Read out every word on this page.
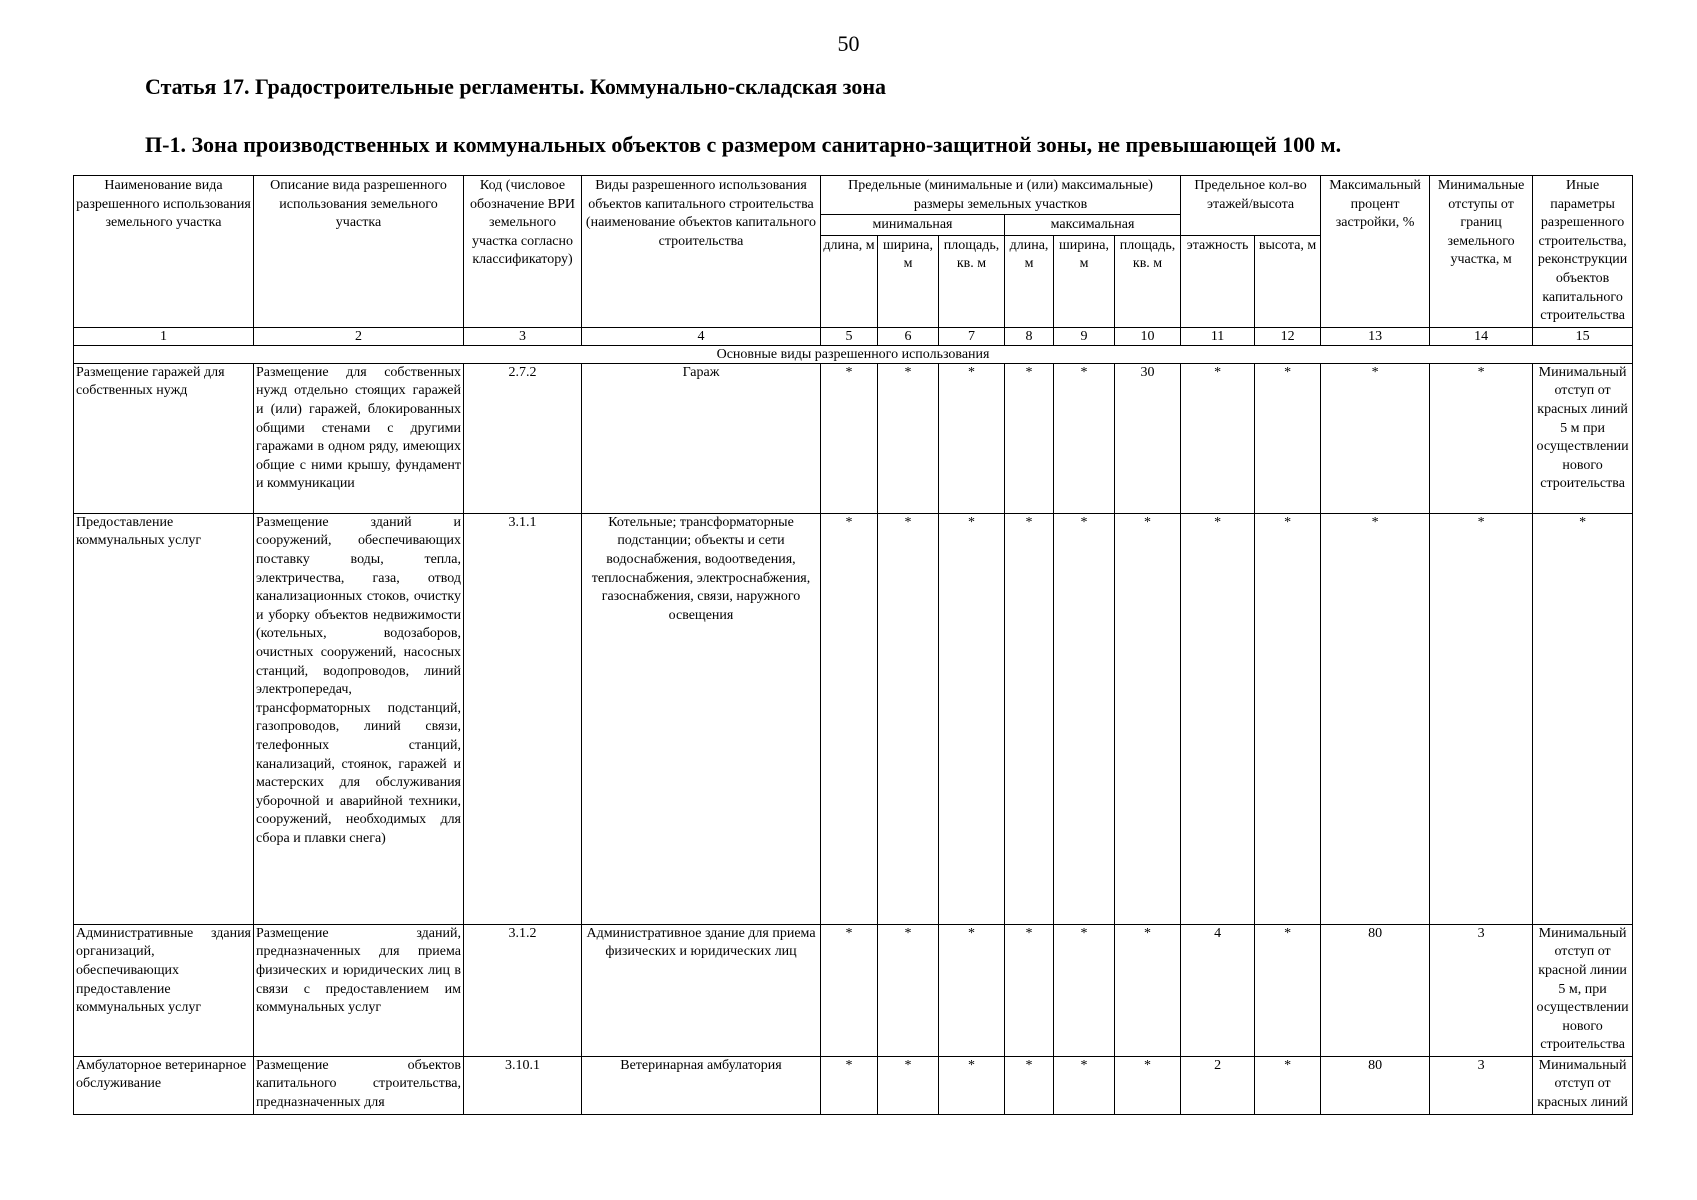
50
Статья 17. Градостроительные регламенты. Коммунально-складская зона
П-1. Зона производственных и коммунальных объектов с размером санитарно-защитной зоны, не превышающей 100 м.
Наименование вида разрешенного использования земельного участка	Описание вида разрешенного использования земельного участка	Код (числовое обозначение ВРИ земельного участка согласно классификатору)	Виды разрешенного использования объектов капитального строительства (наименование объектов капитального строительства	Предельные (минимальные и (или) максимальные) размеры земельных участков						Предельное кол-во этажей/высота		Максимальный процент застройки, %	Минимальные отступы от границ земельного участка, м	Иные параметры разрешенного строительства, реконструкции объектов капитального строительства

				минимальная			максимальная							
				длина, м	ширина, м	площадь, кв. м	длина, м	ширина, м	площадь, кв. м	этажность	высота, м			
1	2	3	4	5	6	7	8	9	10	11	12	13	14	15
Основные виды разрешенного использования														
Размещение гаражей для собственных нужд	Размещение для собственных нужд отдельно стоящих гаражей и (или) гаражей, блокированных общими стенами с другими гаражами в одном ряду, имеющих общие с ними крышу, фундамент и коммуникации	2.7.2	Гараж	*	*	*	*	*	30	*	*	*	*	Минимальный отступ от красных линий 5 м при осуществлении нового строительства
Предоставление коммунальных услуг	Размещение зданий и сооружений, обеспечивающих поставку воды, тепла, электричества, газа, отвод канализационных стоков, очистку и уборку объектов недвижимости (котельных, водозаборов, очистных сооружений, насосных станций, водопроводов, линий электропередач, трансформаторных подстанций, газопроводов, линий связи, телефонных станций, канализаций, стоянок, гаражей и мастерских для обслуживания уборочной и аварийной техники, сооружений, необходимых для сбора и плавки снега)	3.1.1	Котельные; трансформаторные подстанции; объекты и сети водоснабжения, водоотведения, теплоснабжения, электроснабжения, газоснабжения, связи, наружного освещения	*	*	*	*	*	*	*	*	*	*	*
Административные здания организаций, обеспечивающих предоставление коммунальных услуг	Размещение зданий, предназначенных для приема физических и юридических лиц в связи с предоставлением им коммунальных услуг	3.1.2	Административное здание для приема физических и юридических лиц	*	*	*	*	*	*	4	*	80	3	Минимальный отступ от красной линии 5 м, при осуществлении нового строительства
Амбулаторное ветеринарное обслуживание	Размещение объектов капитального строительства, предназначенных для	3.10.1	Ветеринарная амбулатория	*	*	*	*	*	*	2	*	80	3	Минимальный отступ от красных линий
